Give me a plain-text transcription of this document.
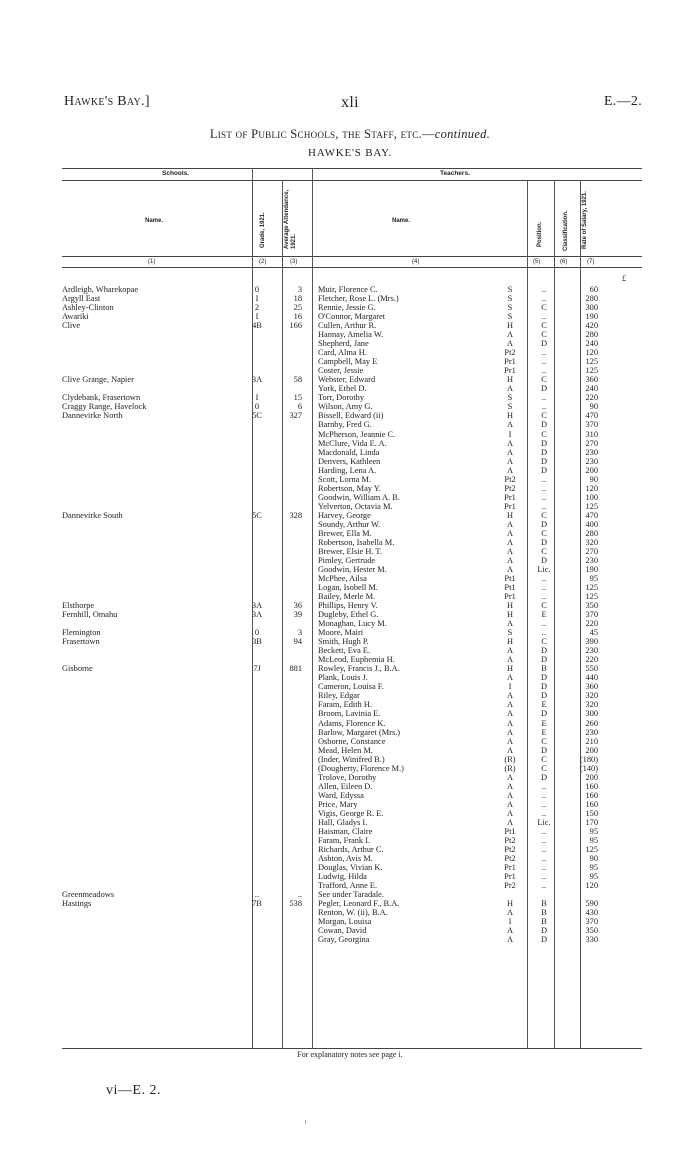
Hawke's Bay.]	xli	E.—2.
List of Public Schools, the Staff, etc.—continued.
HAWKE'S BAY.
Schools.	Teachers.
Name.	Grade, 1921.	Average Attendance, 1921.
Name.
Position.	Classification. Rate of Salary, 1921.
(1)	(2)	(3)	(4)	(5)	(6)	(7)
£
Ardleigh, Wharekopae	0	3 Muir, Florence C.	S	..	60
Argyll East	I	18 Fletcher, Rose L. (Mrs.)	S	..	280
Ashley-Clinton	2	25 Rennie, Jessie G.	S	C	300
Awariki	I	16 O'Connor, Margaret	S	..	190
Clive	4B	166 Cullen, Arthur R.	H	C	420
Hannay, Amelia W.	A	C	280
Shepherd, Jane	A	D	240
Card, Alma H.	Pt2	..	120
Campbell, May E	Pr1	..	125
Coster, Jessie	Pr1	..	125
Clive Grange, Napier	3A	58 Webster, Edward	H	C	360
York, Ethel D.	A	D	240
Clydebank, Frasertown	I	15 Torr, Dorothy	S	..	220
Craggy Range, Havelock	0	6 Wilson, Amy G.	S	..	90
Dannevirke North	5C	327 Bissell, Edward (ii)	H	C	470
Barnby, Fred G.	A	D	370
McPherson, Jeannie C.	I	C	310
McClure, Vida E. A.	A	D	270
Macdonald, Linda	A	D	230
Denvers, Kathleen	A	D	230
Harding, Lena A.	A	D	200
Scott, Lorna M.	Pt2	..	90
Robertson, May Y.	Pt2	..	120
Goodwin, William A. B.	Pr1	..	100
Yelverton, Octavia M.	Pr1	..	125
Dannevirke South	5C	328 Harvey, George	H	C	470
Soundy, Arthur W.	A	D	400
Brewer, Ella M.	A	C	280
Robertson, Isabella M.	A	D	320
Brewer, Elsie H. T.	A	C	270
Pimley, Gertrude	A	D	230
Goodwin, Hester M.	A	Lic.	190
McPhee, Ailsa	Pt1	..	95
Logan, Isobell M.	Pt1	..	125
Bailey, Merle M.	Pr1	..	125
Elsthorpe	3A	36 Phillips, Henry V.	H	C	350
Fernhill, Omahu	3A	39 Dugleby, Ethel G.	H	E	370
Monaghan, Lucy M.	A	..	220
Flemington	0	3 Moore, Mairi	S	..	45
Frasertown	3B	94 Smith, Hugh P.	H	C	390
Beckett, Eva E.	A	D	230
McLeod, Euphemia H.	A	D	220
Gisborne	7J	881 Rowley, Francis J., B.A.	H	B	550
Plank, Louis J.	A	D	440
Cameron, Louisa F.	I	D	360
Riley, Edgar	A	D	320
Faram, Edith H.	A	E	320
Broom, Lavinia E.	A	D	300
Adams, Florence K.	A	E	260
Barlow, Margaret (Mrs.)	A	E	230
Osborne, Constance	A	C	210
Mead, Helen M.	A	D	200
(Inder, Winifred B.)	(R)	C	(180)
(Dougherty, Florence M.)	(R)	C	(140)
Trolove, Dorothy	A	D	200
Allen, Eileen D.	A	..	160
Ward, Edyssa	A	..	160
Price, Mary	A	..	160
Vigis, George R. E.	A	..	150
Hall, Gladys I.	A	Lic.	170
Haisman, Claire	Pt1	..	95
Faram, Frank I.	Pt2	..	95
Richards, Arthur C.	Pt2	..	125
Ashton, Avis M.	Pt2	..	90
Douglas, Vivian K.	Pr1	..	95
Ludwig, Hilda	Pr1	..	95
Trafford, Anne E.	Pr2	..	120
Greenmeadows	..	.. See under Taradale.
Hastings	7B	538 Pegler, Leonard F., B.A.	H	B	590
Renton, W. (ii), B.A.	A	B	430
Morgan, Louisa	I	B	370
Cowan, David	A	D	350
Gray, Georgina	A	D	330
For explanatory notes see page i.
vi—E. 2.
